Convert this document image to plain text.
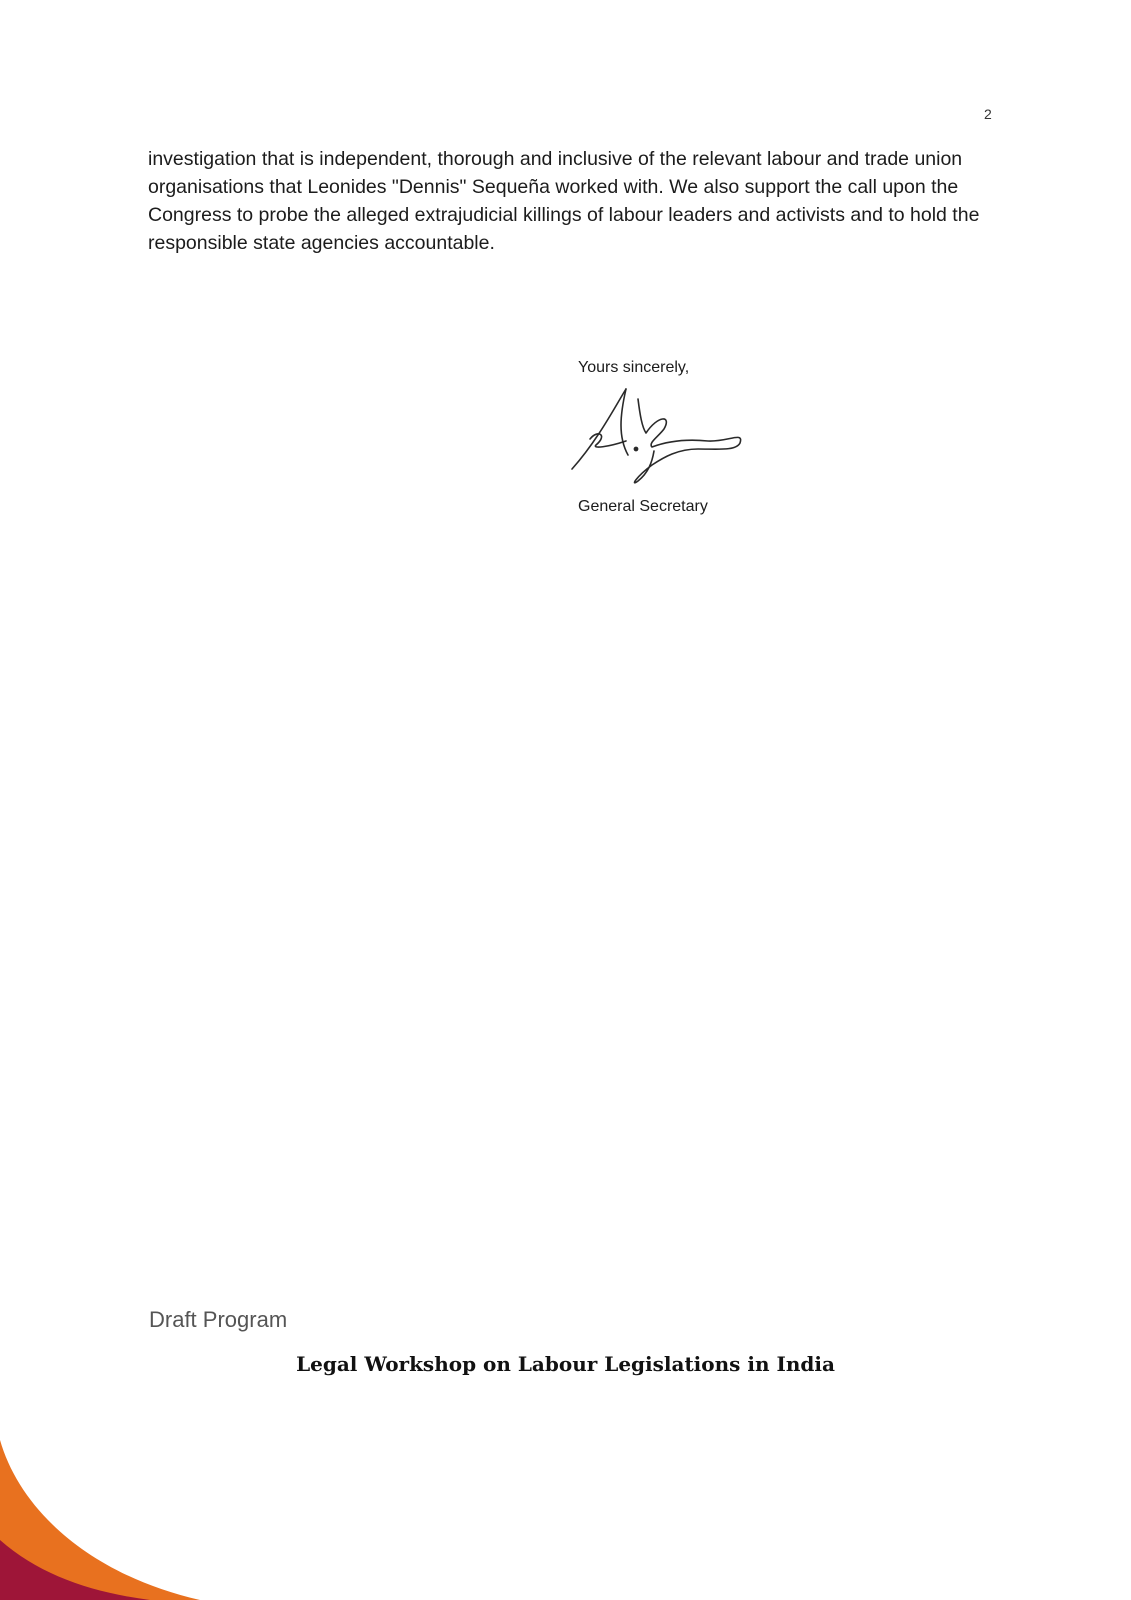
2

investigation that is independent, thorough and inclusive of the relevant labour and trade union organisations that Leonides "Dennis" Sequeña worked with. We also support the call upon the Congress to probe the alleged extrajudicial killings of labour leaders and activists and to hold the responsible state agencies accountable.

Yours sincerely,
General Secretary
Draft Program
Legal Workshop on Labour Legislations in India
